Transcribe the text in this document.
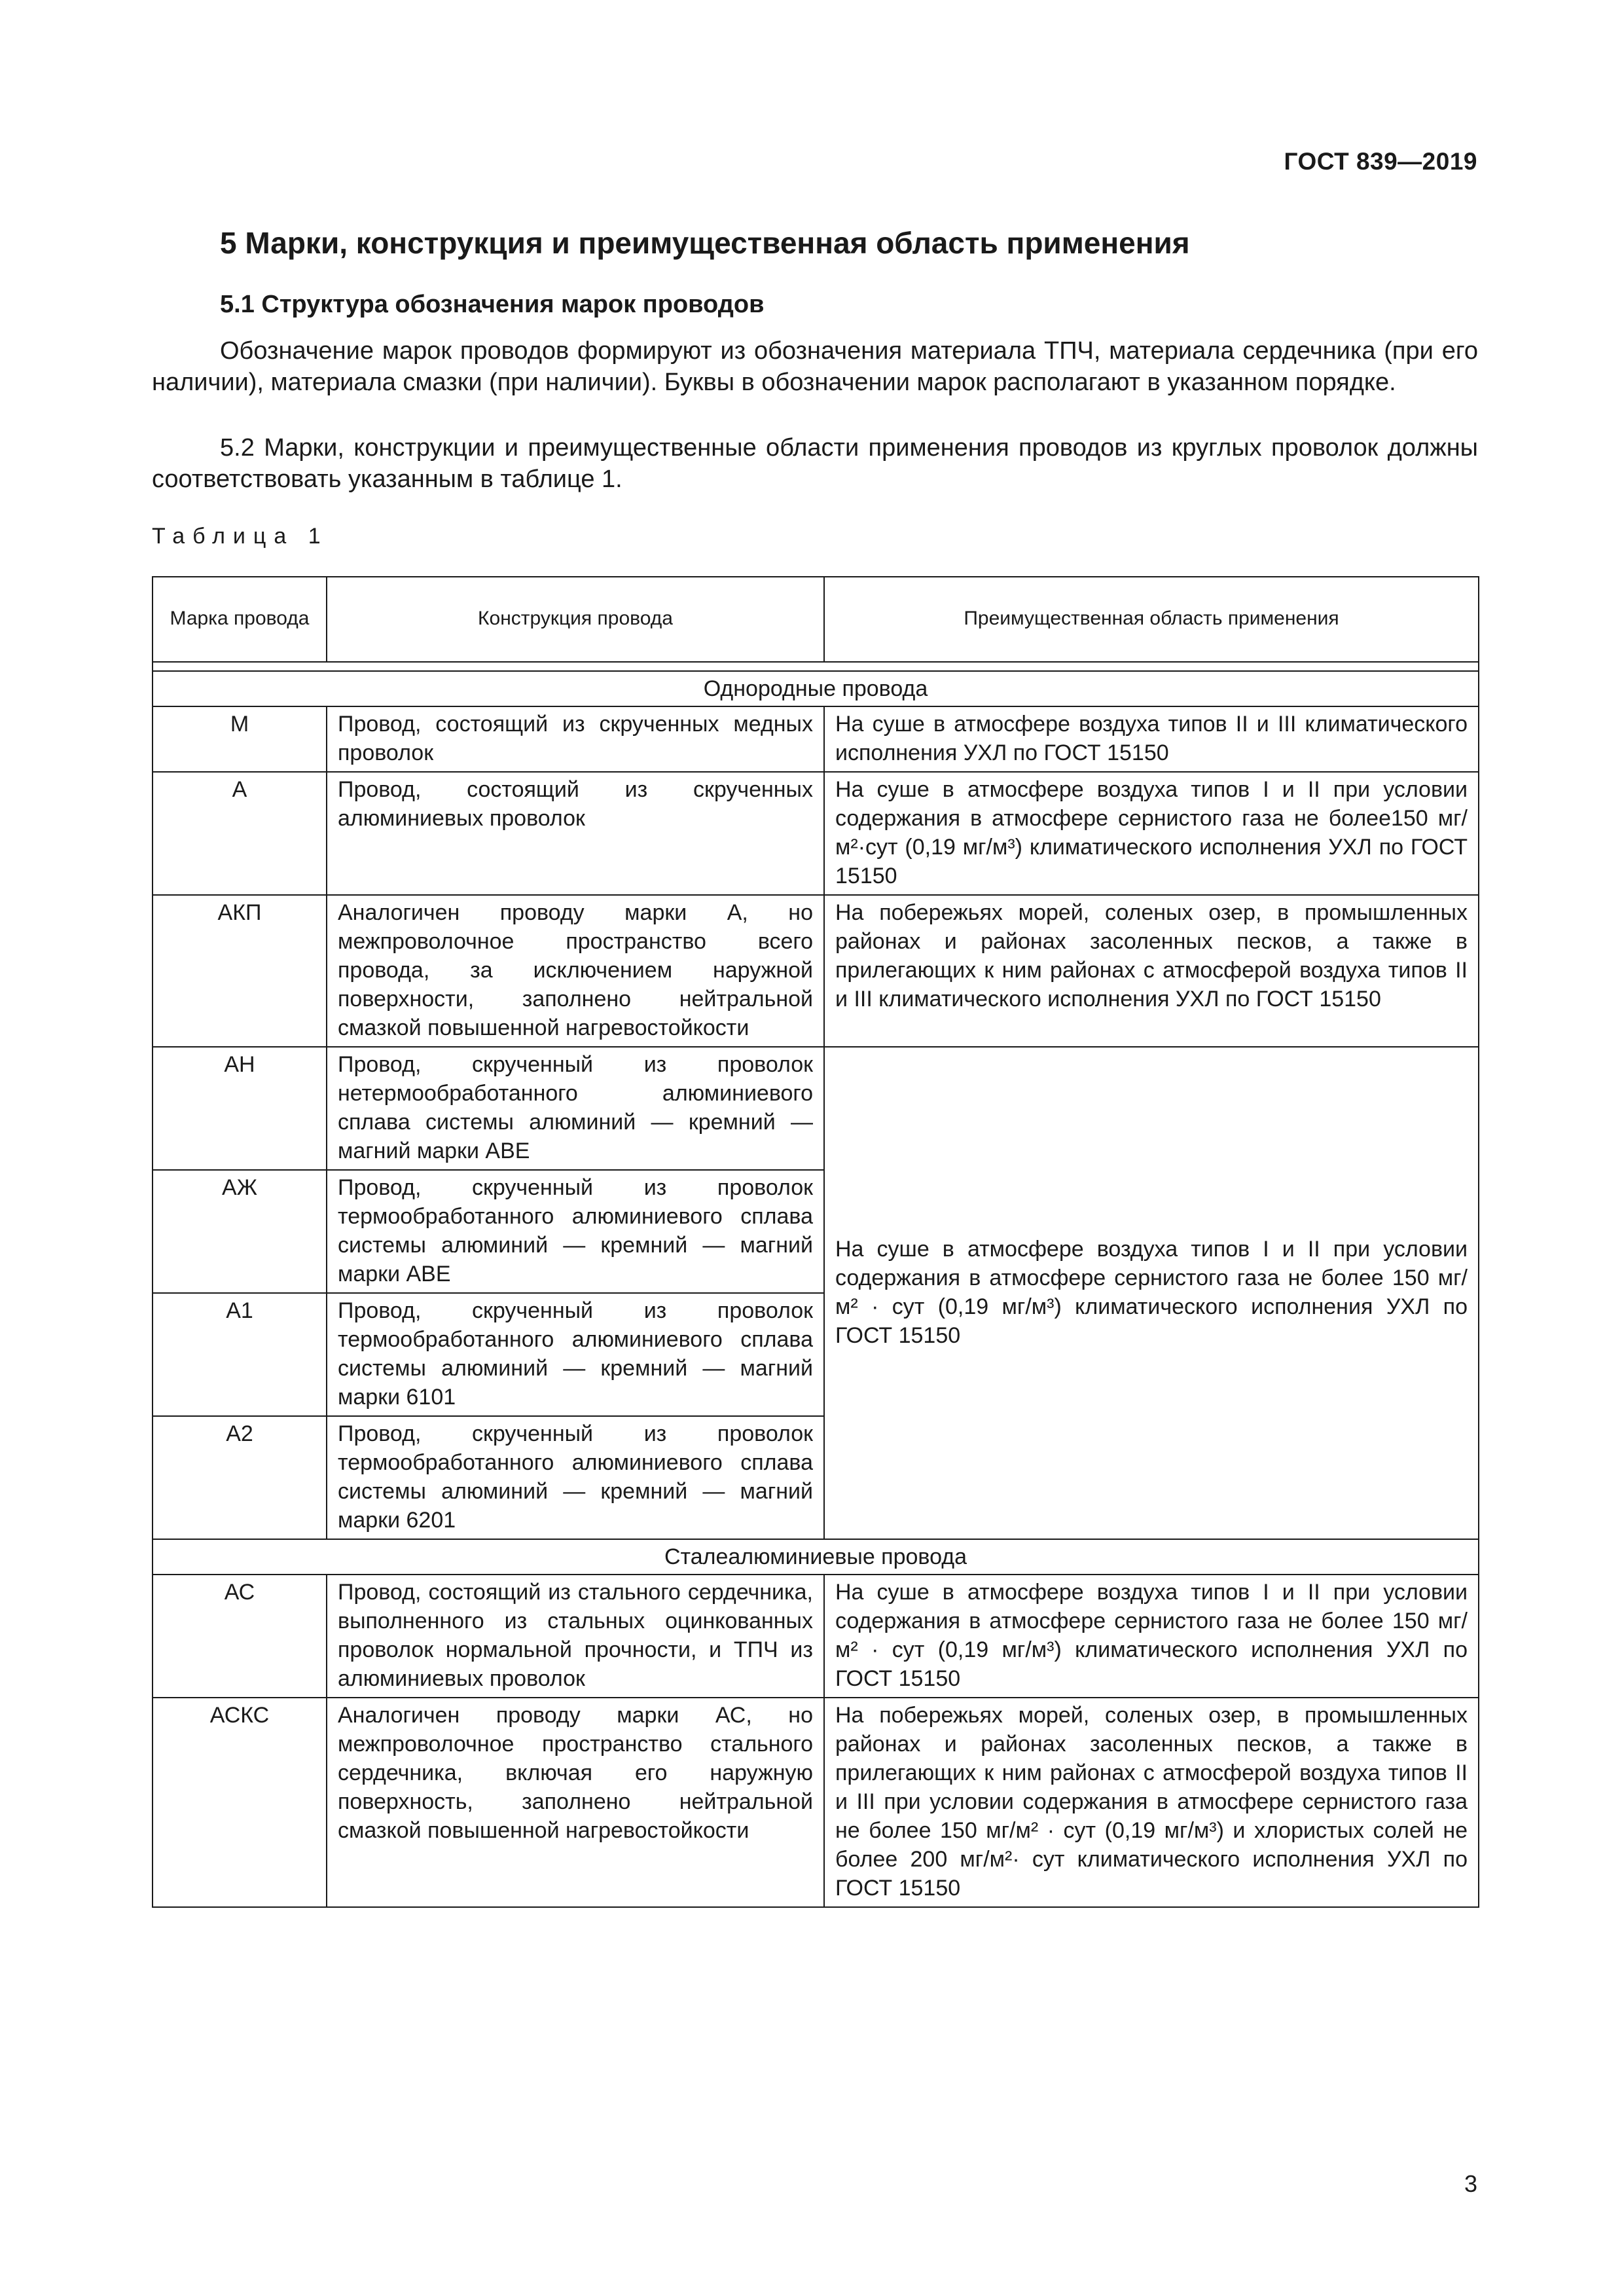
ГОСТ 839—2019
5 Марки, конструкция и преимущественная область применения
5.1 Структура обозначения марок проводов

Обозначение марок проводов формируют из обозначения материала ТПЧ, материала сердечника (при его наличии), материала смазки (при наличии). Буквы в обозначении марок располагают в указанном порядке.

5.2 Марки, конструкции и преимущественные области применения проводов из круглых проволок должны соответствовать указанным в таблице 1.

Таблица 1
Марка провода	Конструкция провода	Преимущественная область применения

Однородные провода		
М	Провод, состоящий из скрученных медных проволок	На суше в атмосфере воздуха типов II и III климатического исполнения УХЛ по ГОСТ 15150
А	Провод, состоящий из скрученных алюминиевых проволок	На суше в атмосфере воздуха типов I и II при условии содержания в атмосфере сернистого газа не более150 мг/м²·сут (0,19 мг/м³) климатического исполнения УХЛ по ГОСТ 15150
АКП	Аналогичен проводу марки А, но межпроволочное пространство всего провода, за исключением наружной поверхности, заполнено нейтральной смазкой повышенной нагревостойкости	На побережьях морей, соленых озер, в промышленных районах и районах засоленных песков, а также в прилегающих к ним районах с атмосферой воздуха типов II и III климатического исполнения УХЛ по ГОСТ 15150
АН	Провод, скрученный из проволок нетермообработанного алюминиевого сплава системы алюминий — кремний — магний марки АВЕ	На суше в атмосфере воздуха типов I и II при условии содержания в атмосфере сернистого газа не более 150 мг/м² · сут (0,19 мг/м³) климатического исполнения УХЛ по ГОСТ 15150
АЖ	Провод, скрученный из проволок термообработанного алюминиевого сплава системы алюминий — кремний — магний марки АВЕ	
А1	Провод, скрученный из проволок термообработанного алюминиевого сплава системы алюминий — кремний — магний марки 6101	
А2	Провод, скрученный из проволок термообработанного алюминиевого сплава системы алюминий — кремний — магний марки 6201	
Сталеалюминиевые провода		
АС	Провод, состоящий из стального сердечника, выполненного из стальных оцинкованных проволок нормальной прочности, и ТПЧ из алюминиевых проволок	На суше в атмосфере воздуха типов I и II при условии содержания в атмосфере сернистого газа не более 150 мг/м² · сут (0,19 мг/м³) климатического исполнения УХЛ по ГОСТ 15150
АСКС	Аналогичен проводу марки АС, но межпроволочное пространство стального сердечника, включая его наружную поверхность, заполнено нейтральной смазкой повышенной нагревостойкости	На побережьях морей, соленых озер, в промышленных районах и районах засоленных песков, а также в прилегающих к ним районах с атмосферой воздуха типов II и III при условии содержания в атмосфере сернистого газа не более 150 мг/м² · сут (0,19 мг/м³) и хлористых солей не более 200 мг/м²· сут климатического исполнения УХЛ по ГОСТ 15150
3
